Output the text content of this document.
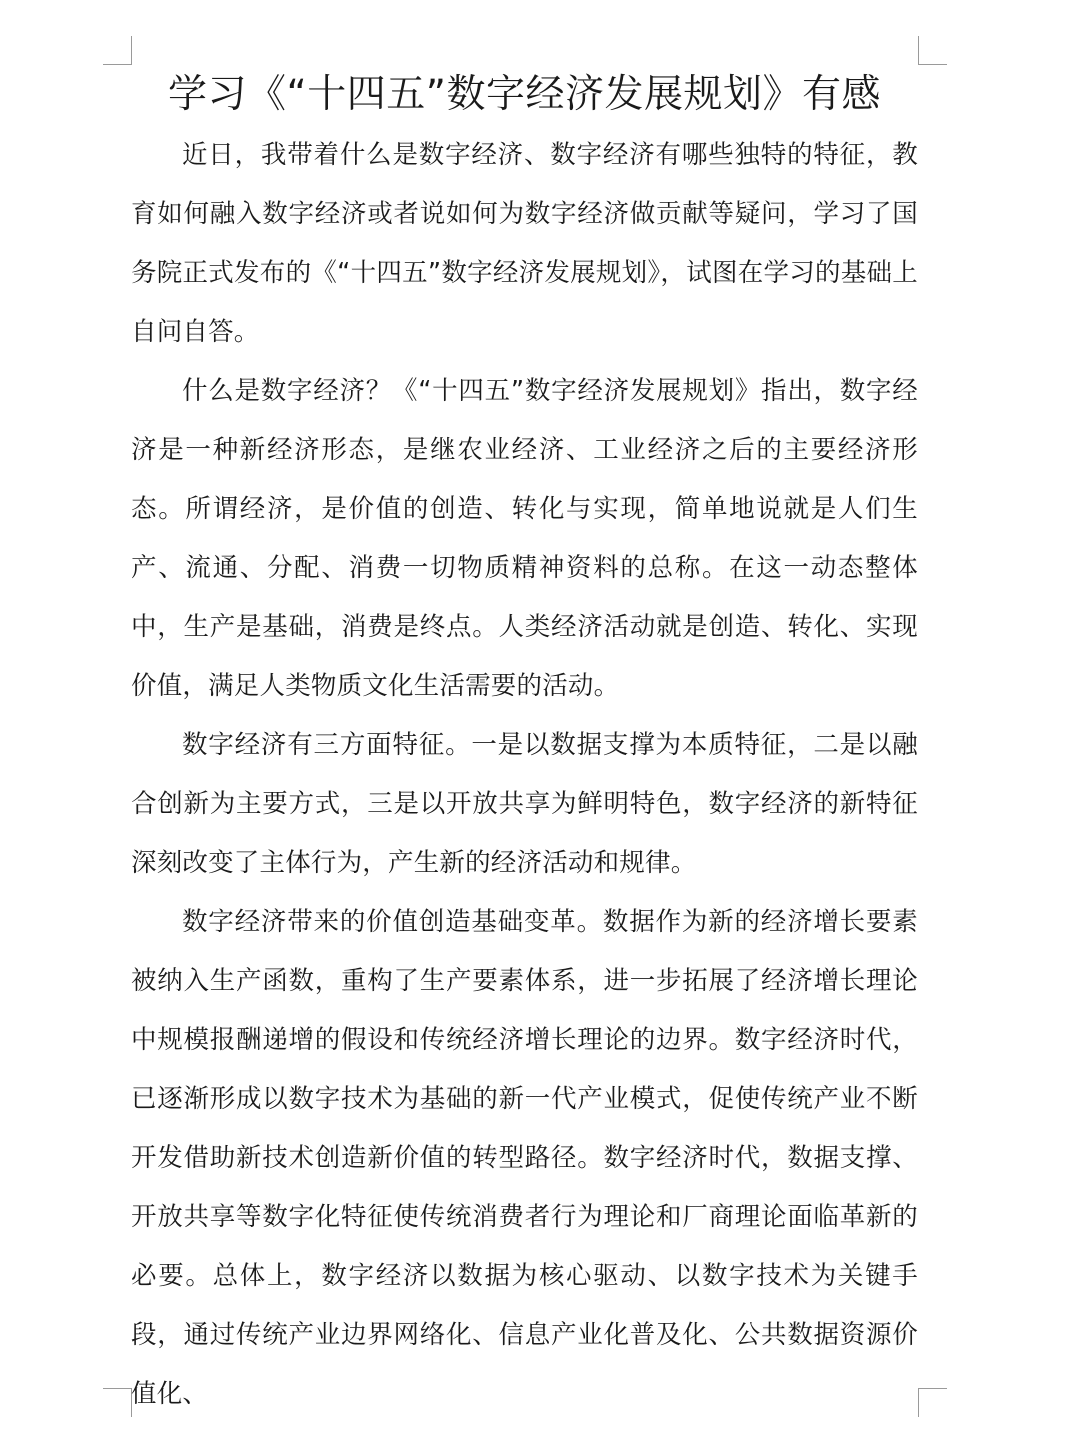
学习《“十四五”数字经济发展规划》有感

近日，我带着什么是数字经济、数字经济有哪些独特的特征，教育如何融入数字经济或者说如何为数字经济做贡献等疑问，学习了国务院正式发布的《“十四五”数字经济发展规划》，试图在学习的基础上自问自答。

什么是数字经济？《“十四五”数字经济发展规划》指出，数字经济是一种新经济形态，是继农业经济、工业经济之后的主要经济形态。所谓经济，是价值的创造、转化与实现，简单地说就是人们生产、流通、分配、消费一切物质精神资料的总称。在这一动态整体中，生产是基础，消费是终点。人类经济活动就是创造、转化、实现价值，满足人类物质文化生活需要的活动。

数字经济有三方面特征。一是以数据支撑为本质特征，二是以融合创新为主要方式，三是以开放共享为鲜明特色，数字经济的新特征深刻改变了主体行为，产生新的经济活动和规律。

数字经济带来的价值创造基础变革。数据作为新的经济增长要素被纳入生产函数，重构了生产要素体系，进一步拓展了经济增长理论中规模报酬递增的假设和传统经济增长理论的边界。数字经济时代，已逐渐形成以数字技术为基础的新一代产业模式，促使传统产业不断开发借助新技术创造新价值的转型路径。数字经济时代，数据支撑、开放共享等数字化特征使传统消费者行为理论和厂商理论面临革新的必要。总体上，数字经济以数据为核心驱动、以数字技术为关键手段，通过传统产业边界网络化、信息产业化普及化、公共数据资源价值化、
